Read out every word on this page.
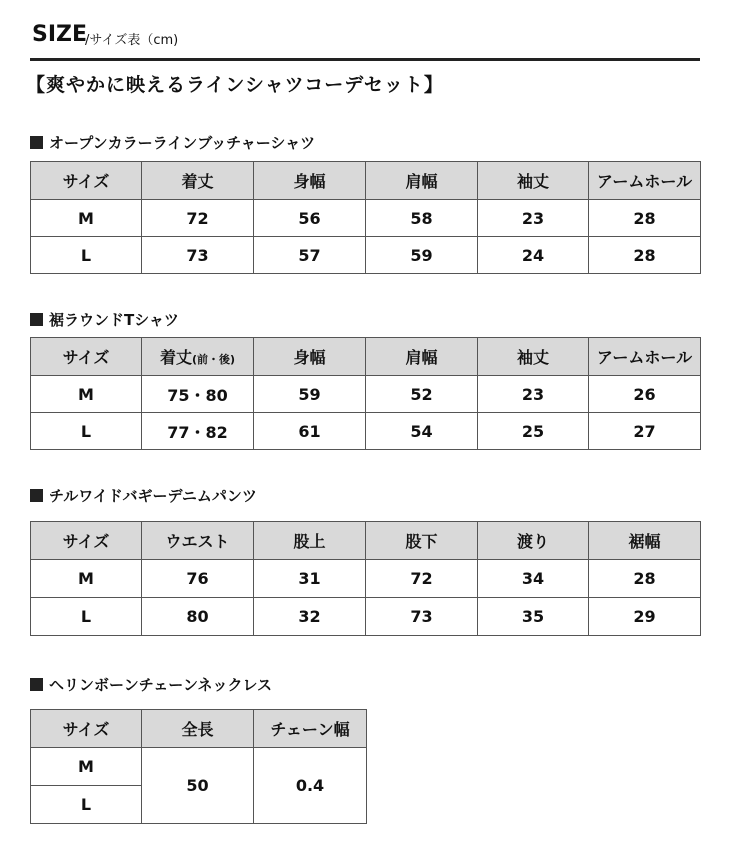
SIZE
/サイズ表（cm)
【爽やかに映えるラインシャツコーデセット】
オープンカラーラインブッチャーシャツ
サイズ	着丈	身幅	肩幅	袖丈	アームホール
M	72	56	58	23	28
L	73	57	59	24	28
裾ラウンドTシャツ
サイズ	着丈(前・後)	身幅	肩幅	袖丈	アームホール
M	75・80	59	52	23	26
L	77・82	61	54	25	27
チルワイドバギーデニムパンツ
サイズ	ウエスト	股上	股下	渡り	裾幅
M	76	31	72	34	28
L	80	32	73	35	29
ヘリンボーンチェーンネックレス
サイズ	全長	チェーン幅
M	50	0.4
L		
